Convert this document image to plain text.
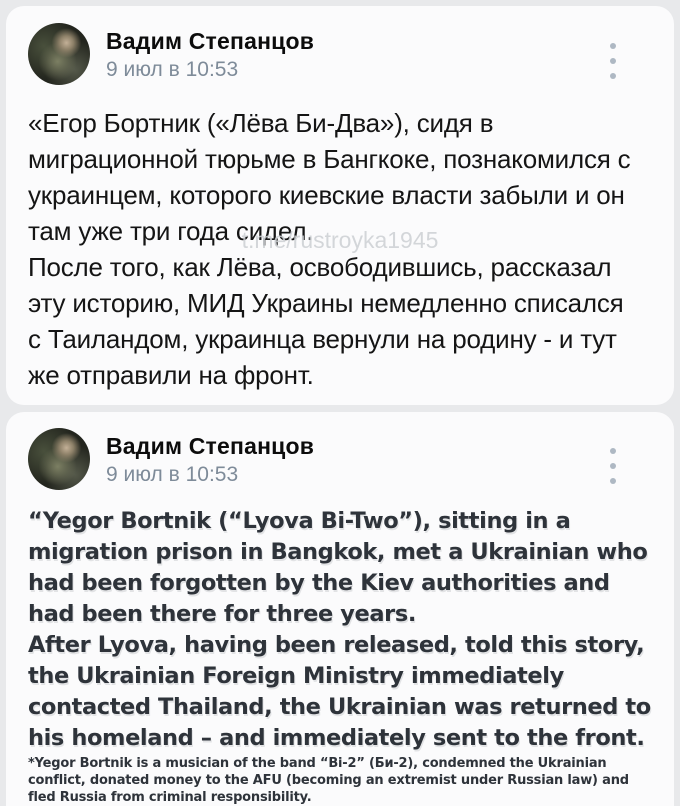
Вадим Степанцов
9 июл в 10:53
«Егор Бортник («Лёва Би-Два»), сидя в
миграционной тюрьме в Бангкоке, познакомился с
украинцем, которого киевские власти забыли и он
там уже три года сидел.
После того, как Лёва, освободившись, рассказал
эту историю, МИД Украины немедленно списался
с Таиландом, украинца вернули на родину - и тут
же отправили на фронт.
t.me/rustroyka1945
Вадим Степанцов
9 июл в 10:53
“Yegor Bortnik (“Lyova Bi-Two”), sitting in a
migration prison in Bangkok, met a Ukrainian who
had been forgotten by the Kiev authorities and
had been there for three years.
After Lyova, having been released, told this story,
the Ukrainian Foreign Ministry immediately
contacted Thailand, the Ukrainian was returned to
his homeland – and immediately sent to the front.
*Yegor Bortnik is a musician of the band “Bi-2” (Би-2), condemned the Ukrainian
conflict, donated money to the AFU (becoming an extremist under Russian law) and
fled Russia from criminal responsibility.
